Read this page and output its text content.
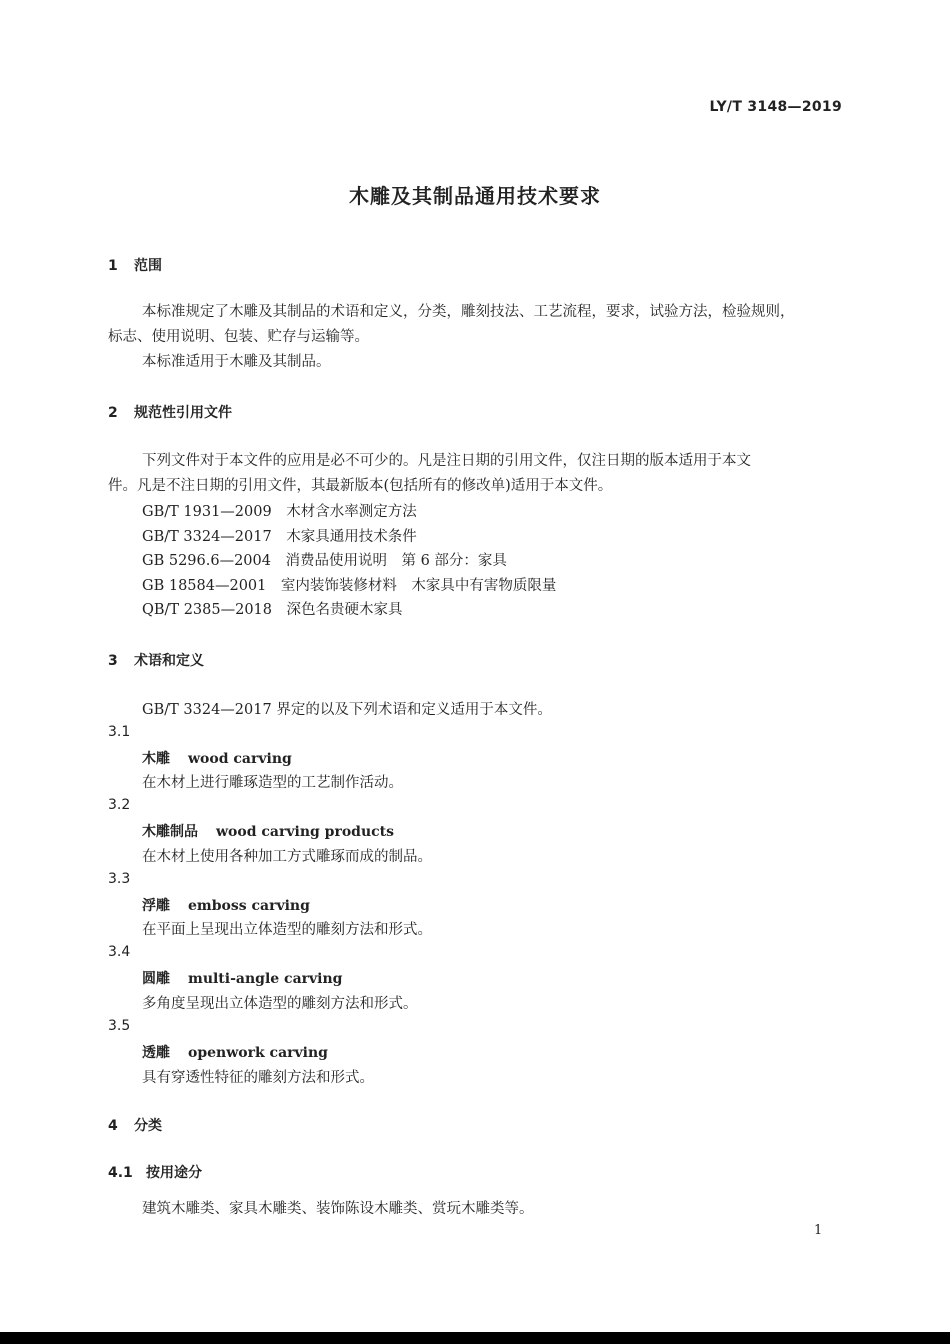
LY/T 3148—2019
木雕及其制品通用技术要求
1 范围
本标准规定了木雕及其制品的术语和定义，分类，雕刻技法、工艺流程，要求，试验方法，检验规则，
标志、使用说明、包装、贮存与运输等。
本标准适用于木雕及其制品。
2 规范性引用文件
下列文件对于本文件的应用是必不可少的。凡是注日期的引用文件，仅注日期的版本适用于本文
件。凡是不注日期的引用文件，其最新版本(包括所有的修改单)适用于本文件。
GB/T 1931—2009　木材含水率测定方法
GB/T 3324—2017　木家具通用技术条件
GB 5296.6—2004　消费品使用说明　第 6 部分：家具
GB 18584—2001　室内装饰装修材料　木家具中有害物质限量
QB/T 2385—2018　深色名贵硬木家具
3 术语和定义
GB/T 3324—2017 界定的以及下列术语和定义适用于本文件。
3.1
木雕 wood carving
在木材上进行雕琢造型的工艺制作活动。
3.2
木雕制品 wood carving products
在木材上使用各种加工方式雕琢而成的制品。
3.3
浮雕 emboss carving
在平面上呈现出立体造型的雕刻方法和形式。
3.4
圆雕 multi-angle carving
多角度呈现出立体造型的雕刻方法和形式。
3.5
透雕 openwork carving
具有穿透性特征的雕刻方法和形式。
4 分类
4.1 按用途分
建筑木雕类、家具木雕类、装饰陈设木雕类、赏玩木雕类等。
1
